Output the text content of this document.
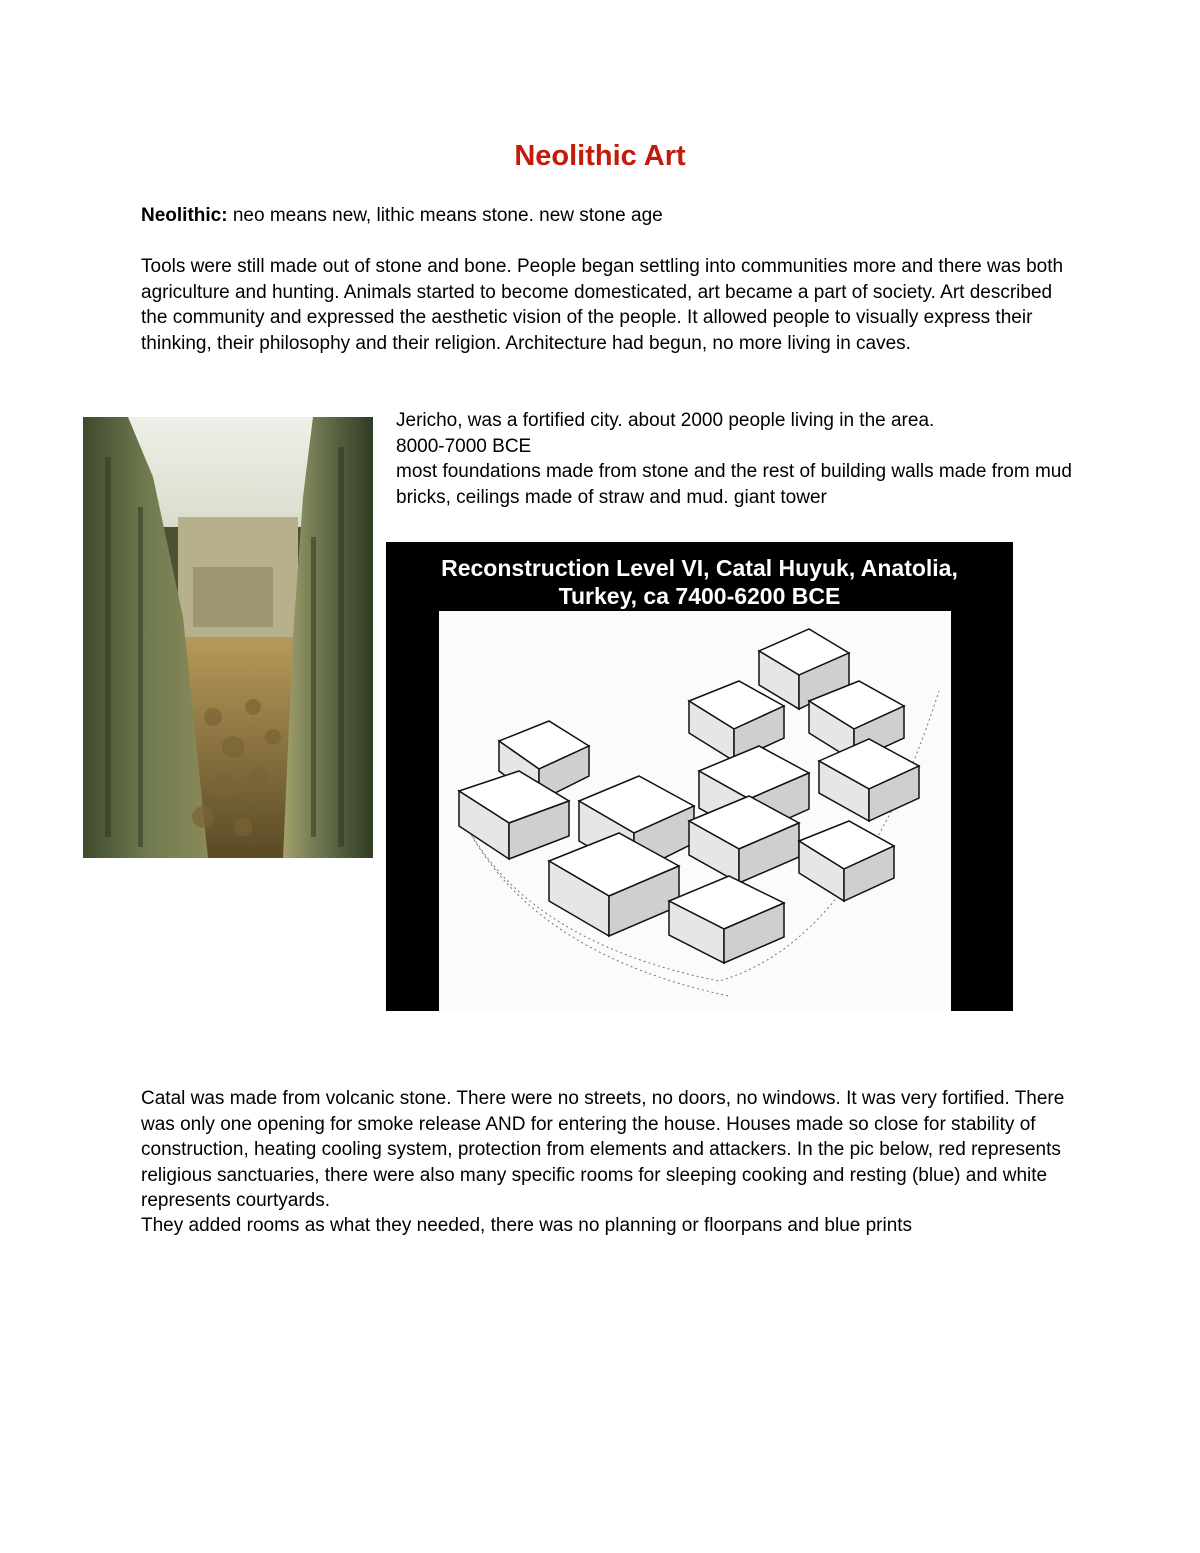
Neolithic Art

Neolithic: neo means new, lithic means stone. new stone age

Tools were still made out of stone and bone. People began settling into communities more and there was both agriculture and hunting. Animals started to become domesticated, art became a part of society. Art described the community and expressed the aesthetic vision of the people. It allowed people to visually express their thinking, their philosophy and their religion. Architecture had begun, no more living in caves.

Jericho, was a fortified city. about 2000 people living in the area.
8000-7000 BCE
most foundations made from stone and the rest of building walls made from mud bricks, ceilings made of straw and mud. giant tower
Reconstruction Level VI, Catal Huyuk, Anatolia,
Turkey, ca 7400-6200 BCE

Catal was made from volcanic stone. There were no streets, no doors, no windows. It was very fortified. There was only one opening for smoke release AND for entering the house. Houses made so close for stability of construction, heating cooling system, protection from elements and attackers. In the pic below, red represents religious sanctuaries, there were also many specific rooms for sleeping cooking and resting (blue) and white represents courtyards.

They added rooms as what they needed, there was no planning or floorpans and blue prints
